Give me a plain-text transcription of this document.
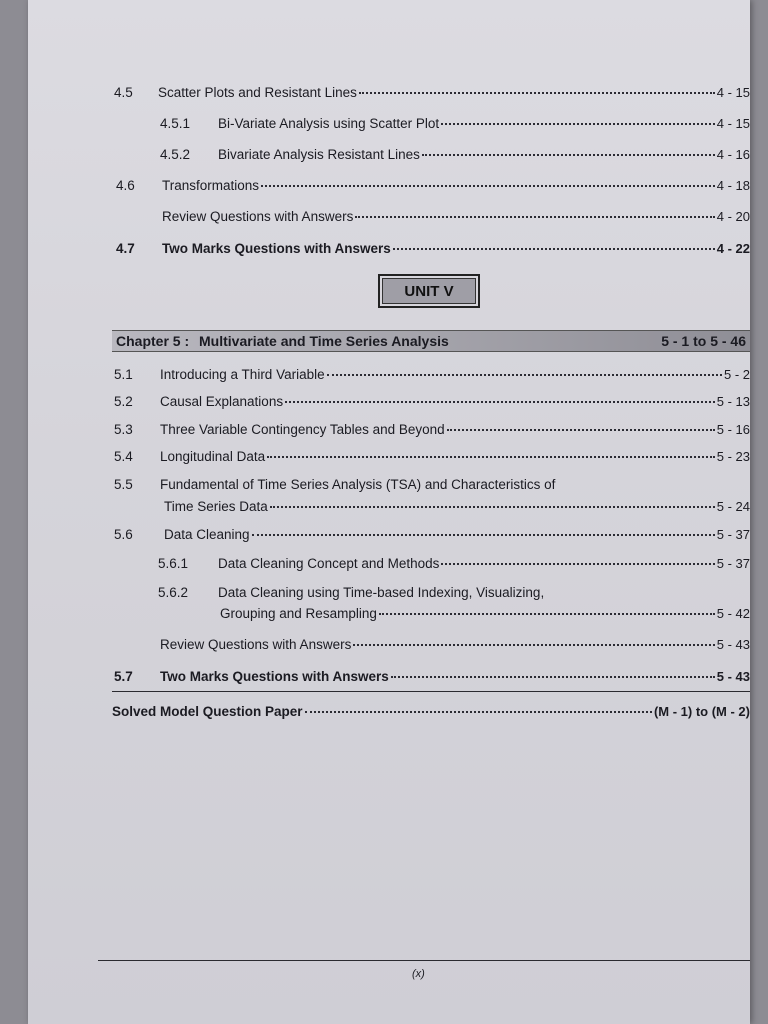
4.5 Scatter Plots and Resistant Lines	4 - 15
4.5.1 Bi-Variate Analysis using Scatter Plot	4 - 15
4.5.2 Bivariate Analysis Resistant Lines	4 - 16
4.6 Transformations	4 - 18
Review Questions with Answers	4 - 20
4.7 Two Marks Questions with Answers	4 - 22
UNIT V
Chapter 5 : Multivariate and Time Series Analysis	5 - 1 to 5 - 46
5.1 Introducing a Third Variable	5 - 2
5.2 Causal Explanations	5 - 13
5.3 Three Variable Contingency Tables and Beyond	5 - 16
5.4 Longitudinal Data	5 - 23
5.5 Fundamental of Time Series Analysis (TSA) and Characteristics of
Time Series Data	5 - 24
5.6 Data Cleaning	5 - 37
5.6.1 Data Cleaning Concept and Methods	5 - 37
5.6.2 Data Cleaning using Time-based Indexing, Visualizing,
Grouping and Resampling	5 - 42
Review Questions with Answers	5 - 43
5.7 Two Marks Questions with Answers	5 - 43
Solved Model Question Paper	(M - 1) to (M - 2)
(x)
